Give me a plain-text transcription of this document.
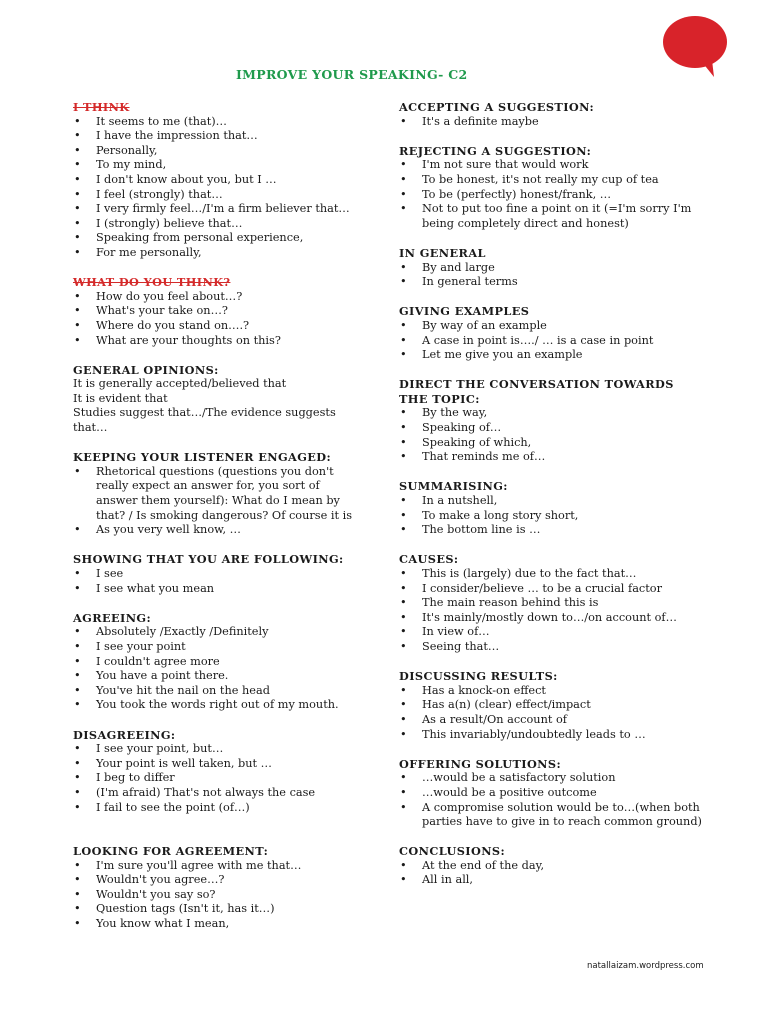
IMPROVE YOUR SPEAKING- C2
I THINK
• It seems to me (that)…
• I have the impression that…
• Personally,
• To my mind,
• I don't know about you, but I …
• I feel (strongly) that…
• I very firmly feel…/I'm a firm believer that…
• I (strongly) believe that…
• Speaking from personal experience,
• For me personally,
WHAT DO YOU THINK?
• How do you feel about…?
• What's your take on…?
• Where do you stand on….?
• What are your thoughts on this?
GENERAL OPINIONS:
It is generally accepted/believed that
It is evident that
Studies suggest that…/The evidence suggests that…
KEEPING YOUR LISTENER ENGAGED:
• Rhetorical questions (questions you don't really expect an answer for, you sort of answer them yourself): What do I mean by that? / Is smoking dangerous? Of course it is
• As you very well know, …
SHOWING THAT YOU ARE FOLLOWING:
• I see
• I see what you mean
AGREEING:
• Absolutely /Exactly /Definitely
• I see your point
• I couldn't agree more
• You have a point there.
• You've hit the nail on the head
• You took the words right out of my mouth.
DISAGREEING:
• I see your point, but…
• Your point is well taken, but …
• I beg to differ
• (I'm afraid) That's not always the case
• I fail to see the point (of…)
LOOKING FOR AGREEMENT:
• I'm sure you'll agree with me that…
• Wouldn't you agree…?
• Wouldn't you say so?
• Question tags (Isn't it, has it…)
• You know what I mean,
ACCEPTING A SUGGESTION:
• It's a definite maybe
REJECTING A SUGGESTION:
• I'm not sure that would work
• To be honest, it's not really my cup of tea
• To be (perfectly) honest/frank, …
• Not to put too fine a point on it (=I'm sorry I'm being completely direct and honest)
IN GENERAL
• By and large
• In general terms
GIVING EXAMPLES
• By way of an example
• A case in point is…./ … is a case in point
• Let me give you an example
DIRECT THE CONVERSATION TOWARDS THE TOPIC:
• By the way,
• Speaking of…
• Speaking of which,
• That reminds me of…
SUMMARISING:
• In a nutshell,
• To make a long story short,
• The bottom line is …
CAUSES:
• This is (largely) due to the fact that…
• I consider/believe … to be a crucial factor
• The main reason behind this is
• It's mainly/mostly down to…/on account of…
• In view of…
• Seeing that…
DISCUSSING RESULTS:
• Has a knock-on effect
• Has a(n) (clear) effect/impact
• As a result/On account of
• This invariably/undoubtedly leads to …
OFFERING SOLUTIONS:
• …would be a satisfactory solution
• …would be a positive outcome
• A compromise solution would be to…(when both parties have to give in to reach common ground)
CONCLUSIONS:
• At the end of the day,
• All in all,
natallaizam.wordpress.com
